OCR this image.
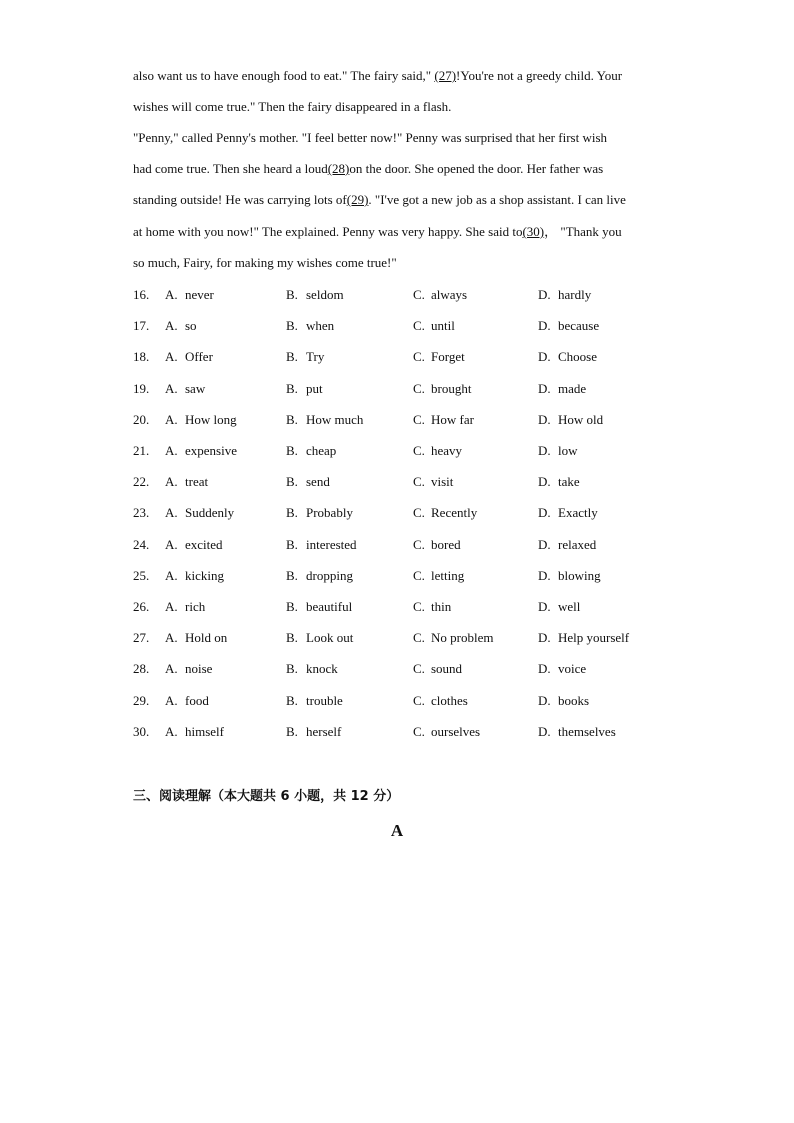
also want us to have enough food to eat." The fairy said," (27)!You're not a greedy child. Your
wishes will come true." Then the fairy disappeared in a flash.
"Penny," called Penny's mother. "I feel better now!" Penny was surprised that her first wish
had come true. Then she heard a loud(28)on the door. She opened the door. Her father was
standing outside! He was carrying lots of(29). "I've got a new job as a shop assistant. I can live
at home with you now!" The explained. Penny was very happy. She said to(30)， "Thank you
so much, Fairy, for making my wishes come true!"
16. A. never	B. seldom	C. always	D. hardly
17. A. so	B. when	C. until	D. because
18. A. Offer	B. Try	C. Forget	D. Choose
19. A. saw	B. put	C. brought	D. made
20. A. How long	B. How much	C. How far	D. How old
21. A. expensive	B. cheap	C. heavy	D. low
22. A. treat	B. send	C. visit	D. take
23. A. Suddenly	B. Probably	C. Recently	D. Exactly
24. A. excited	B. interested	C. bored	D. relaxed
25. A. kicking	B. dropping	C. letting	D. blowing
26. A. rich	B. beautiful	C. thin	D. well
27. A. Hold on	B. Look out	C. No problem	D. Help yourself
28. A. noise	B. knock	C. sound	D. voice
29. A. food	B. trouble	C. clothes	D. books
30. A. himself	B. herself	C. ourselves	D. themselves
三、阅读理解（本大题共 6 小题，共 12 分）
A
